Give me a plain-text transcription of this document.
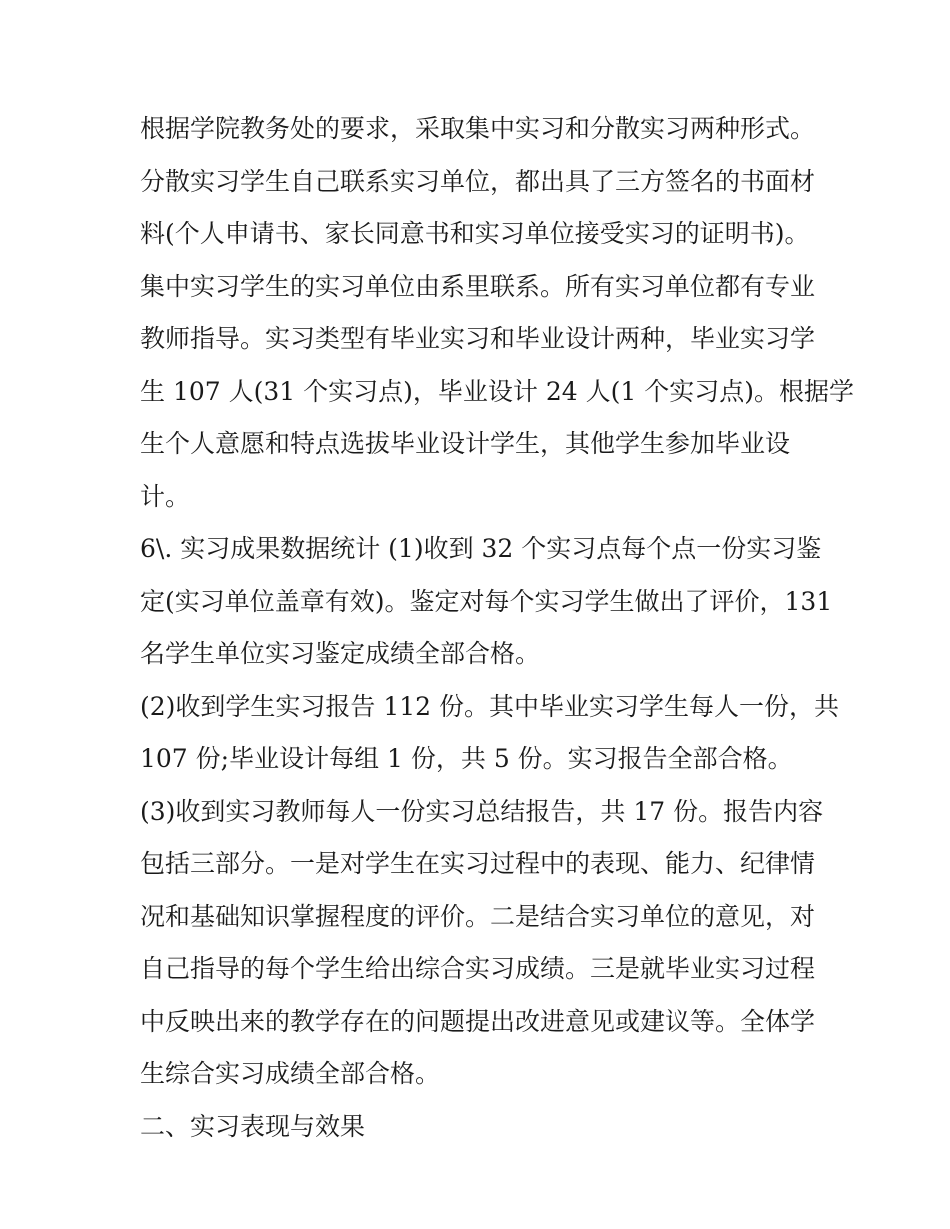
根据学院教务处的要求，采取集中实习和分散实习两种形式。
分散实习学生自己联系实习单位，都出具了三方签名的书面材
料(个人申请书、家长同意书和实习单位接受实习的证明书)。
集中实习学生的实习单位由系里联系。所有实习单位都有专业
教师指导。实习类型有毕业实习和毕业设计两种，毕业实习学
生 107 人(31 个实习点)，毕业设计 24 人(1 个实习点)。根据学
生个人意愿和特点选拔毕业设计学生，其他学生参加毕业设
计。
6\. 实习成果数据统计 (1)收到 32 个实习点每个点一份实习鉴
定(实习单位盖章有效)。鉴定对每个实习学生做出了评价，131
名学生单位实习鉴定成绩全部合格。
(2)收到学生实习报告 112 份。其中毕业实习学生每人一份，共
107 份;毕业设计每组 1 份，共 5 份。实习报告全部合格。
(3)收到实习教师每人一份实习总结报告，共 17 份。报告内容
包括三部分。一是对学生在实习过程中的表现、能力、纪律情
况和基础知识掌握程度的评价。二是结合实习单位的意见，对
自己指导的每个学生给出综合实习成绩。三是就毕业实习过程
中反映出来的教学存在的问题提出改进意见或建议等。全体学
生综合实习成绩全部合格。
二、实习表现与效果
